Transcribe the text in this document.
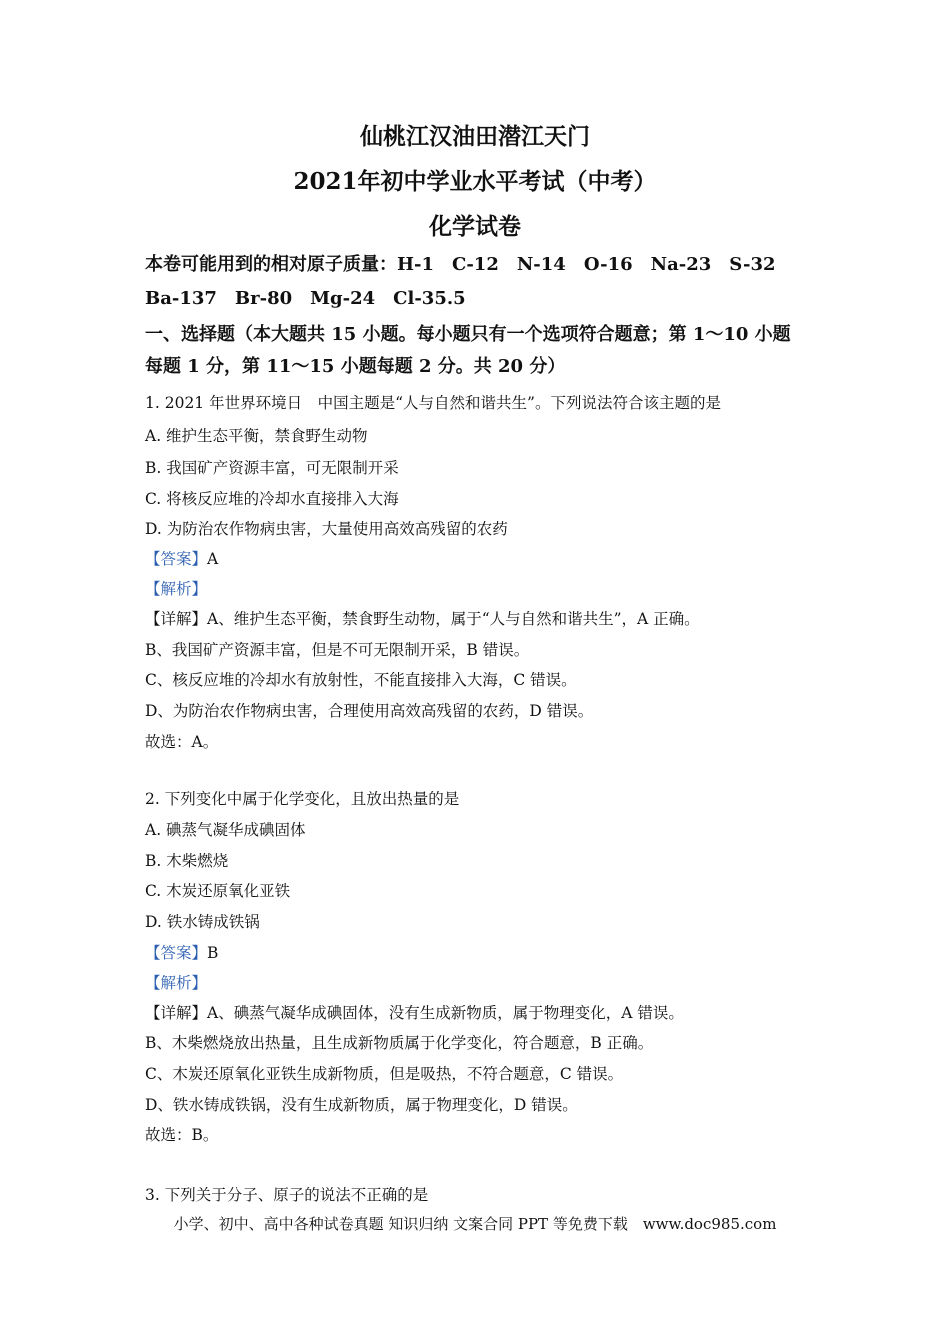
仙桃江汉油田潜江天门
2021年初中学业水平考试（中考）
化学试卷
本卷可能用到的相对原子质量：H-1　C-12　N-14　O-16　Na-23　S-32
Ba-137　Br-80　Mg-24　Cl-35.5
一、选择题（本大题共 15 小题。每小题只有一个选项符合题意；第 1～10 小题
每题 1 分，第 11～15 小题每题 2 分。共 20 分）
1. 2021 年世界环境日　中国主题是“人与自然和谐共生”。下列说法符合该主题的是
A. 维护生态平衡，禁食野生动物
B. 我国矿产资源丰富，可无限制开采
C. 将核反应堆的冷却水直接排入大海
D. 为防治农作物病虫害，大量使用高效高残留的农药
【答案】A
【解析】
【详解】A、维护生态平衡，禁食野生动物，属于“人与自然和谐共生”，A 正确。
B、我国矿产资源丰富，但是不可无限制开采，B 错误。
C、核反应堆的冷却水有放射性，不能直接排入大海，C 错误。
D、为防治农作物病虫害，合理使用高效高残留的农药，D 错误。
故选：A。
2. 下列变化中属于化学变化，且放出热量的是
A. 碘蒸气凝华成碘固体
B. 木柴燃烧
C. 木炭还原氧化亚铁
D. 铁水铸成铁锅
【答案】B
【解析】
【详解】A、碘蒸气凝华成碘固体，没有生成新物质，属于物理变化，A 错误。
B、木柴燃烧放出热量，且生成新物质属于化学变化，符合题意，B 正确。
C、木炭还原氧化亚铁生成新物质，但是吸热，不符合题意，C 错误。
D、铁水铸成铁锅，没有生成新物质，属于物理变化，D 错误。
故选：B。
3. 下列关于分子、原子的说法不正确的是
小学、初中、高中各种试卷真题 知识归纳 文案合同 PPT 等免费下载　www.doc985.com
